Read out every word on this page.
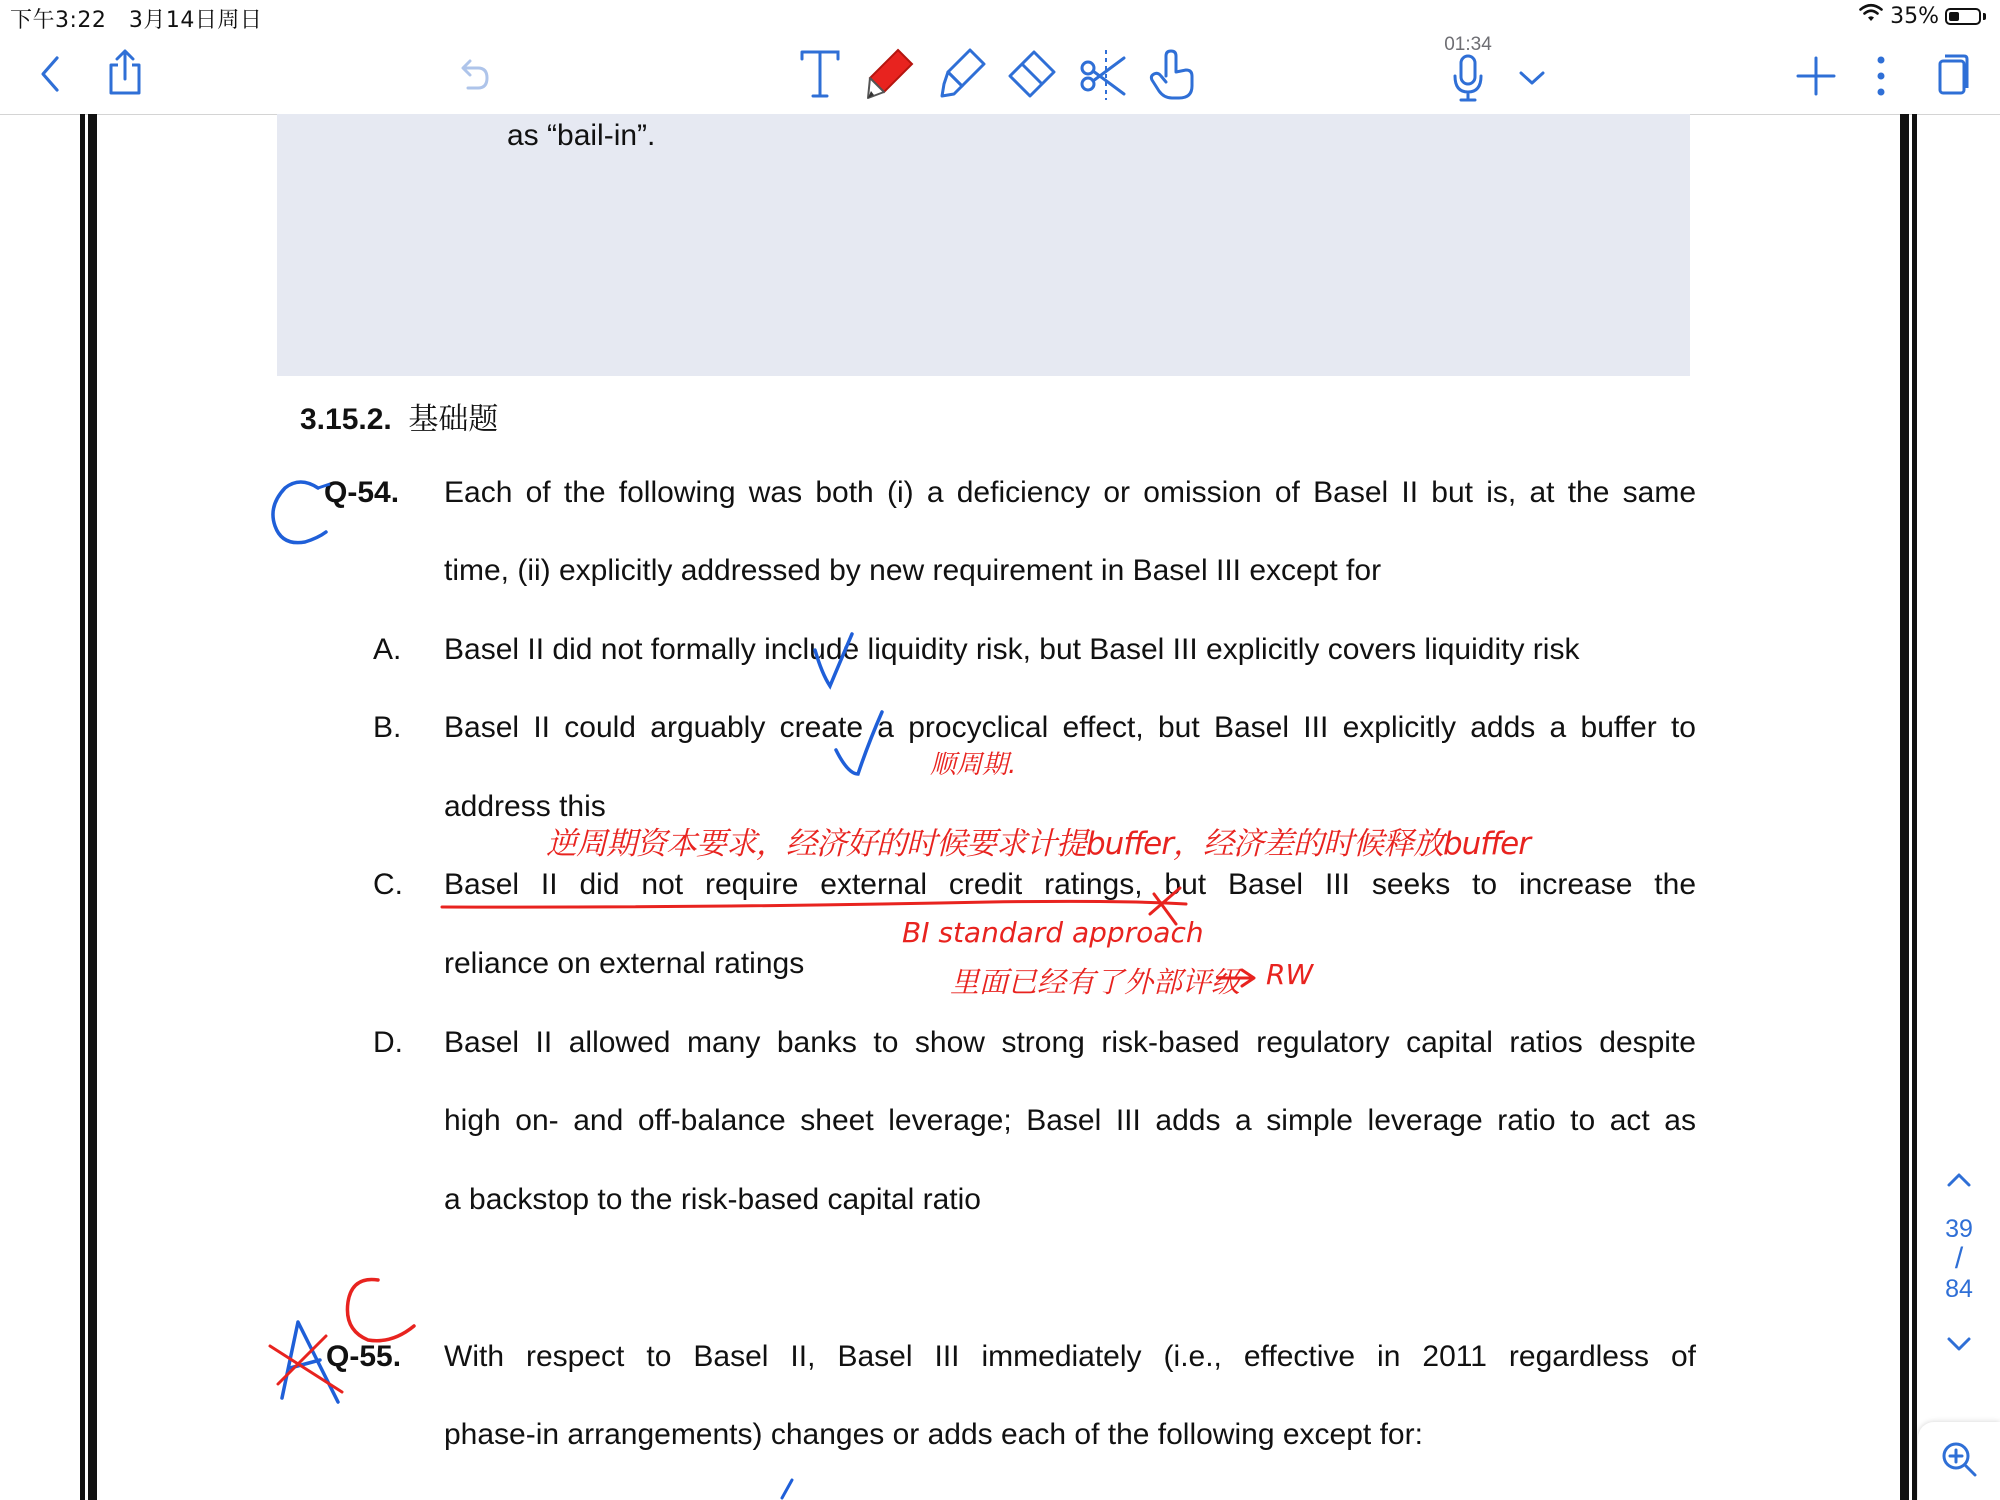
下午3:22 3月14日周日	35%
01:34
as “bail-in”.
3.15.2. 基础题
Q-54. Each of the following was both (i) a deficiency or omission of Basel II but is, at the same
time, (ii) explicitly addressed by new requirement in Basel III except for
A. Basel II did not formally include liquidity risk, but Basel III explicitly covers liquidity risk
B. Basel II could arguably create a procyclical effect, but Basel III explicitly adds a buffer to
address this
C. Basel II did not require external credit ratings, but Basel III seeks to increase the
reliance on external ratings
D. Basel II allowed many banks to show strong risk-based regulatory capital ratios despite
high on- and off-balance sheet leverage; Basel III adds a simple leverage ratio to act as
a backstop to the risk-based capital ratio
Q-55. With respect to Basel II, Basel III immediately (i.e., effective in 2011 regardless of
phase-in arrangements) changes or adds each of the following except for:
顺周期.
逆周期资本要求，经济好的时候要求计提buffer，经济差的时候释放buffer
BI standard approach
里面已经有了外部评级 RW
39
/
84
